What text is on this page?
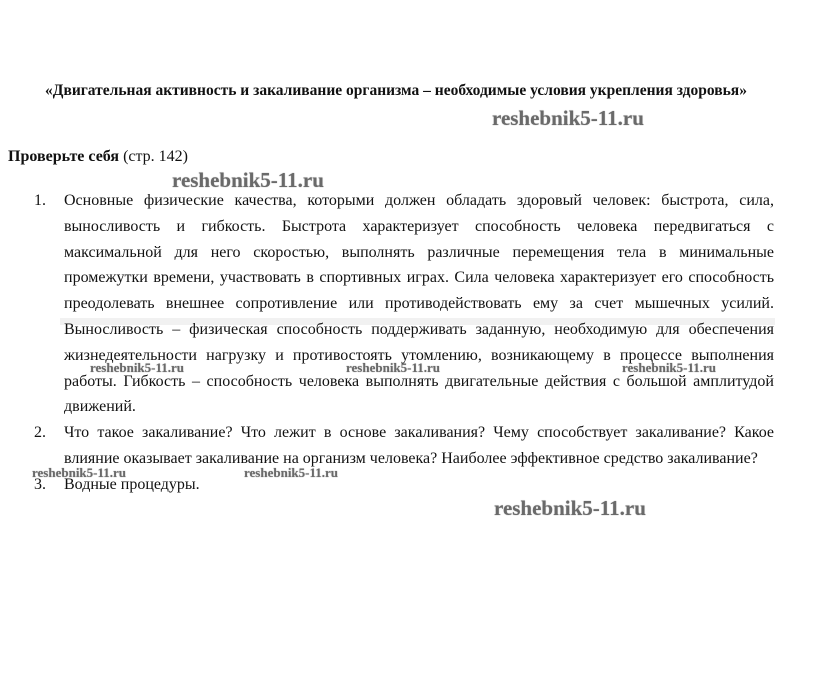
«Двигательная активность и закаливание организма – необходимые условия укрепления здоровья»
Проверьте себя (стр. 142)
1.	Основные физические качества, которыми должен обладать здоровый человек: быстрота, сила, выносливость и гибкость. Быстрота характеризует способность человека передвигаться с максимальной для него скоростью, выполнять различные перемещения тела в минимальные промежутки времени, участвовать в спортивных играх. Сила человека характеризует его способность преодолевать внешнее сопротивление или противодействовать ему за счет мышечных усилий. Выносливость – физическая способность поддерживать заданную, необходимую для обеспечения жизнедеятельности нагрузку и противостоять утомлению, возникающему в процессе выполнения работы. Гибкость – способность человека выполнять двигательные действия с большой амплитудой движений.
2.	Что такое закаливание? Что лежит в основе закаливания? Чему способствует закаливание? Какое влияние оказывает закаливание на организм человека? Наиболее эффективное средство закаливание?
3.	Водные процедуры.
reshebnik5-11.ru
reshebnik5-11.ru
reshebnik5-11.ru	reshebnik5-11.ru	reshebnik5-11.ru
reshebnik5-11.ru	reshebnik5-11.ru
reshebnik5-11.ru
